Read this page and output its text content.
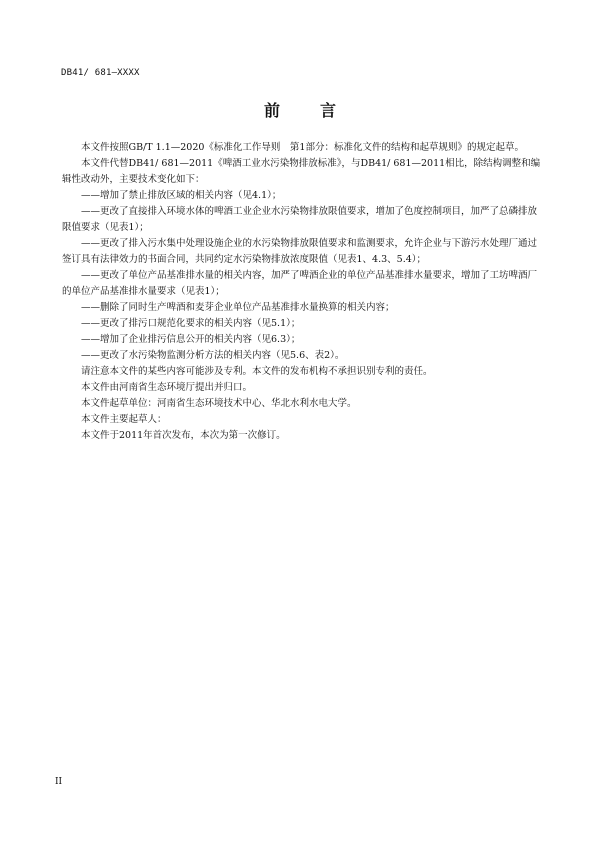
DB41/ 681—XXXX
前　言

本文件按照GB/T 1.1—2020《标准化工作导则　第1部分：标准化文件的结构和起草规则》的规定起草。

本文件代替DB41/ 681—2011《啤酒工业水污染物排放标准》，与DB41/ 681—2011相比，除结构调整和编辑性改动外，主要技术变化如下：

——增加了禁止排放区域的相关内容（见4.1）；

——更改了直接排入环境水体的啤酒工业企业水污染物排放限值要求，增加了色度控制项目，加严了总磷排放限值要求（见表1）；

——更改了排入污水集中处理设施企业的水污染物排放限值要求和监测要求，允许企业与下游污水处理厂通过签订具有法律效力的书面合同，共同约定水污染物排放浓度限值（见表1、4.3、5.4）；

——更改了单位产品基准排水量的相关内容，加严了啤酒企业的单位产品基准排水量要求，增加了工坊啤酒厂的单位产品基准排水量要求（见表1）；

——删除了同时生产啤酒和麦芽企业单位产品基准排水量换算的相关内容；

——更改了排污口规范化要求的相关内容（见5.1）；

——增加了企业排污信息公开的相关内容（见6.3）；

——更改了水污染物监测分析方法的相关内容（见5.6、表2）。

请注意本文件的某些内容可能涉及专利。本文件的发布机构不承担识别专利的责任。

本文件由河南省生态环境厅提出并归口。

本文件起草单位：河南省生态环境技术中心、华北水利水电大学。

本文件主要起草人：

本文件于2011年首次发布，本次为第一次修订。

II
